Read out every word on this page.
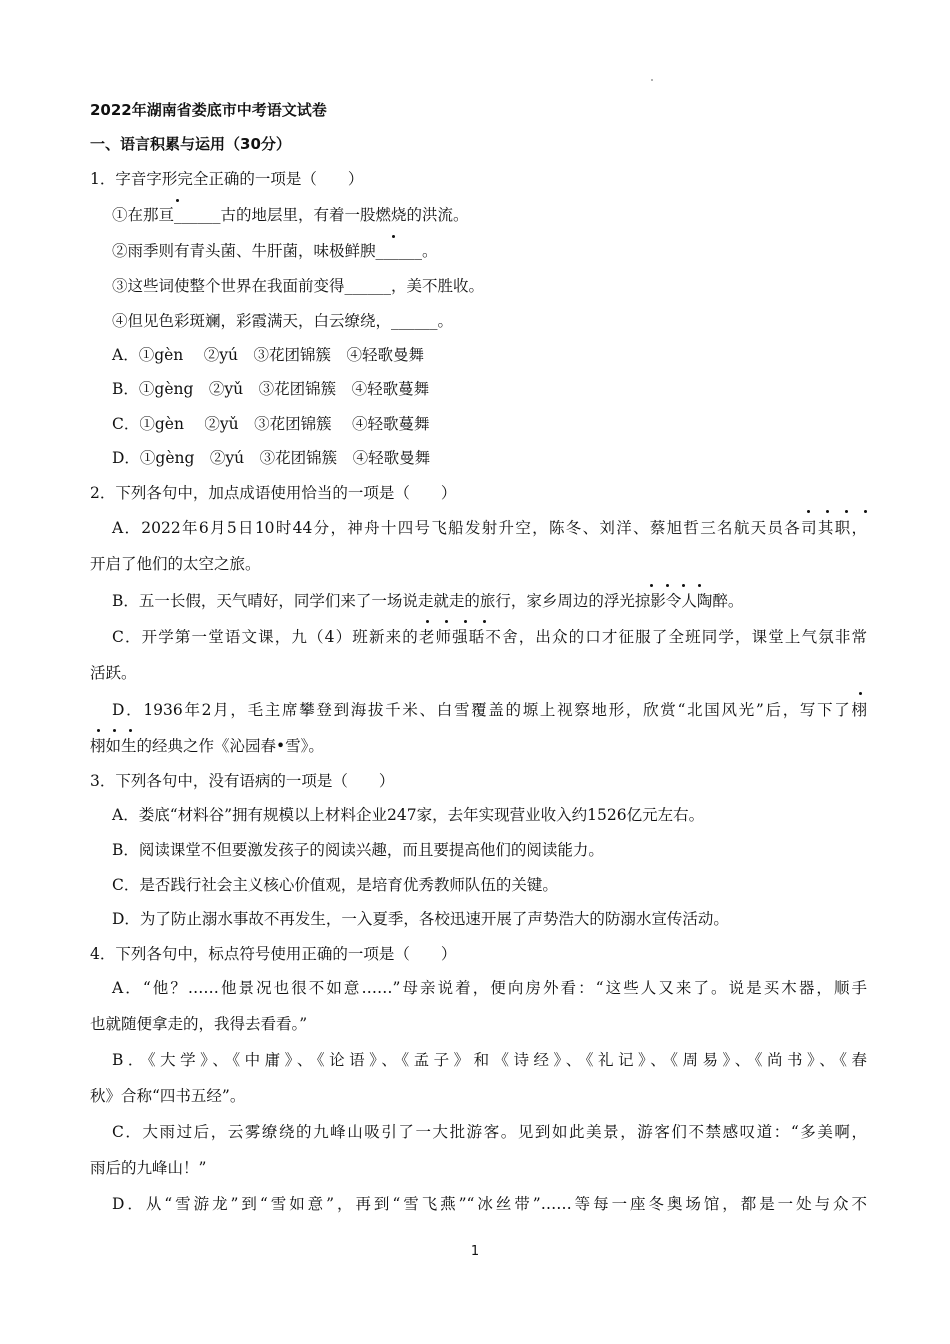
2022年湖南省娄底市中考语文试卷
一、语言积累与运用（30分）
1．字音字形完全正确的一项是（　　）
①在那亘______古的地层里，有着一股燃烧的洪流。
②雨季则有青头菌、牛肝菌，味极鲜腴______。
③这些词使整个世界在我面前变得______，美不胜收。
④但见色彩斑斓，彩霞满天，白云缭绕，______。
A．①gèn　 ②yú　③花团锦簇　④轻歌曼舞
B．①gèng　②yǔ　③花团锦簇　④轻歌蔓舞
C．①gèn　 ②yǔ　③花团锦簇　 ④轻歌蔓舞
D．①gèng　②yú　③花团锦簇　④轻歌曼舞
2．下列各句中，加点成语使用恰当的一项是（　　）
A．2022年6月5日10时44分，神舟十四号飞船发射升空，陈冬、刘洋、蔡旭哲三名航天员各司其职，
开启了他们的太空之旅。
B．五一长假，天气晴好，同学们来了一场说走就走的旅行，家乡周边的浮光掠影令人陶醉。
C．开学第一堂语文课，九（4）班新来的老师强聒不舍，出众的口才征服了全班同学，课堂上气氛非常
活跃。
D．1936年2月，毛主席攀登到海拔千米、白雪覆盖的塬上视察地形，欣赏“北国风光”后，写下了栩
栩如生的经典之作《沁园春•雪》。
3．下列各句中，没有语病的一项是（　　）
A．娄底“材料谷”拥有规模以上材料企业247家，去年实现营业收入约1526亿元左右。
B．阅读课堂不但要激发孩子的阅读兴趣，而且要提高他们的阅读能力。
C．是否践行社会主义核心价值观，是培育优秀教师队伍的关键。
D．为了防止溺水事故不再发生，一入夏季，各校迅速开展了声势浩大的防溺水宣传活动。
4．下列各句中，标点符号使用正确的一项是（　　）
A．“他？……他景况也很不如意……”母亲说着，便向房外看：“这些人又来了。说是买木器，顺手
也就随便拿走的，我得去看看。”
B．《大学》、《中庸》、《论语》、《孟子》和《诗经》、《礼记》、《周易》、《尚书》、《春
秋》合称“四书五经”。
C．大雨过后，云雾缭绕的九峰山吸引了一大批游客。见到如此美景，游客们不禁感叹道：“多美啊，
雨后的九峰山！”
D．从“雪游龙”到“雪如意”，再到“雪飞燕”“冰丝带”……等每一座冬奥场馆，都是一处与众不
1
